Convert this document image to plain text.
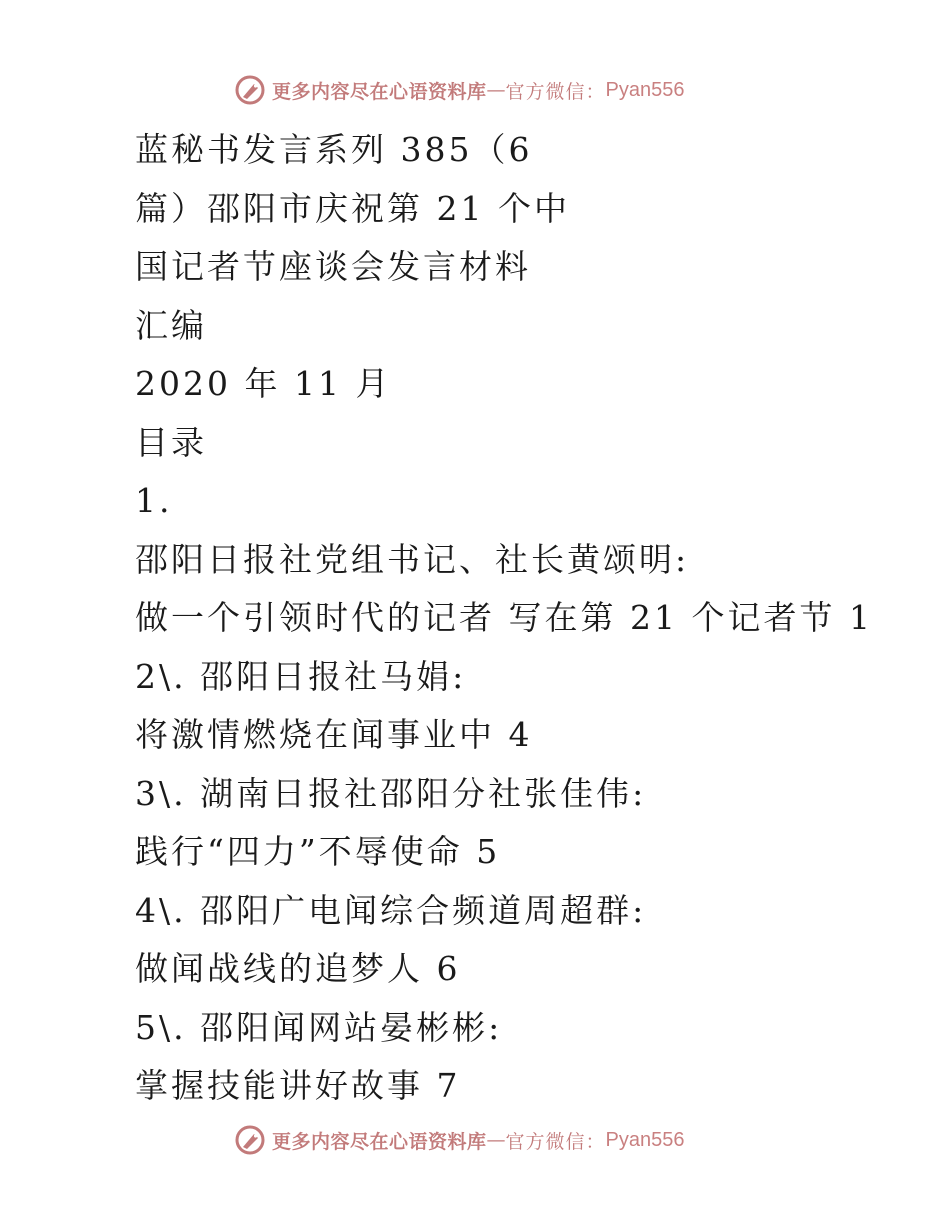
更多内容尽在心语资料库 — 官方微信： Pyan556
蓝秘书发言系列 385（6
篇）邵阳市庆祝第 21 个中
国记者节座谈会发言材料
汇编
2020 年 11 月
目录
1.
邵阳日报社党组书记、社长黄颂明:
做一个引领时代的记者 写在第 21 个记者节 1
2\. 邵阳日报社马娟:
将激情燃烧在闻事业中 4
3\. 湖南日报社邵阳分社张佳伟:
践行“四力”不辱使命 5
4\. 邵阳广电闻综合频道周超群:
做闻战线的追梦人 6
5\. 邵阳闻网站晏彬彬:
掌握技能讲好故事 7
更多内容尽在心语资料库 — 官方微信： Pyan556
